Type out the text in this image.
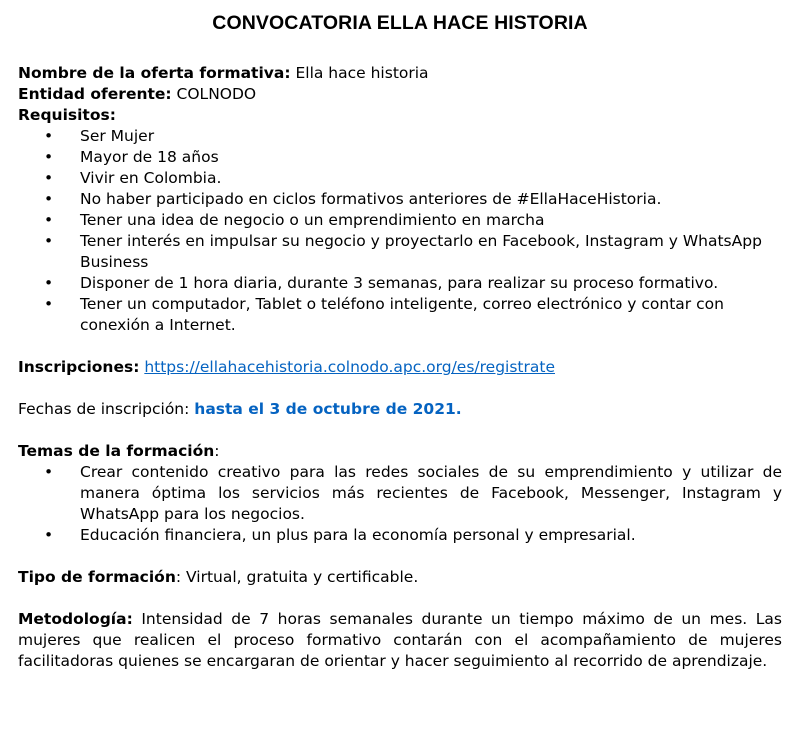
CONVOCATORIA ELLA HACE HISTORIA

Nombre de la oferta formativa: Ella hace historia

Entidad oferente: COLNODO

Requisitos:

• Ser Mujer
• Mayor de 18 años
• Vivir en Colombia.
• No haber participado en ciclos formativos anteriores de #EllaHaceHistoria.
• Tener una idea de negocio o un emprendimiento en marcha
• Tener interés en impulsar su negocio y proyectarlo en Facebook, Instagram y WhatsApp Business
• Disponer de 1 hora diaria, durante 3 semanas, para realizar su proceso formativo.
• Tener un computador, Tablet o teléfono inteligente, correo electrónico y contar con conexión a Internet.

Inscripciones: https://ellahacehistoria.colnodo.apc.org/es/registrate

Fechas de inscripción: hasta el 3 de octubre de 2021.

Temas de la formación:

• Crear contenido creativo para las redes sociales de su emprendimiento y utilizar de manera óptima los servicios más recientes de Facebook, Messenger, Instagram y WhatsApp para los negocios.
• Educación financiera, un plus para la economía personal y empresarial.

Tipo de formación: Virtual, gratuita y certificable.

Metodología: Intensidad de 7 horas semanales durante un tiempo máximo de un mes. Las mujeres que realicen el proceso formativo contarán con el acompañamiento de mujeres facilitadoras quienes se encargaran de orientar y hacer seguimiento al recorrido de aprendizaje.
